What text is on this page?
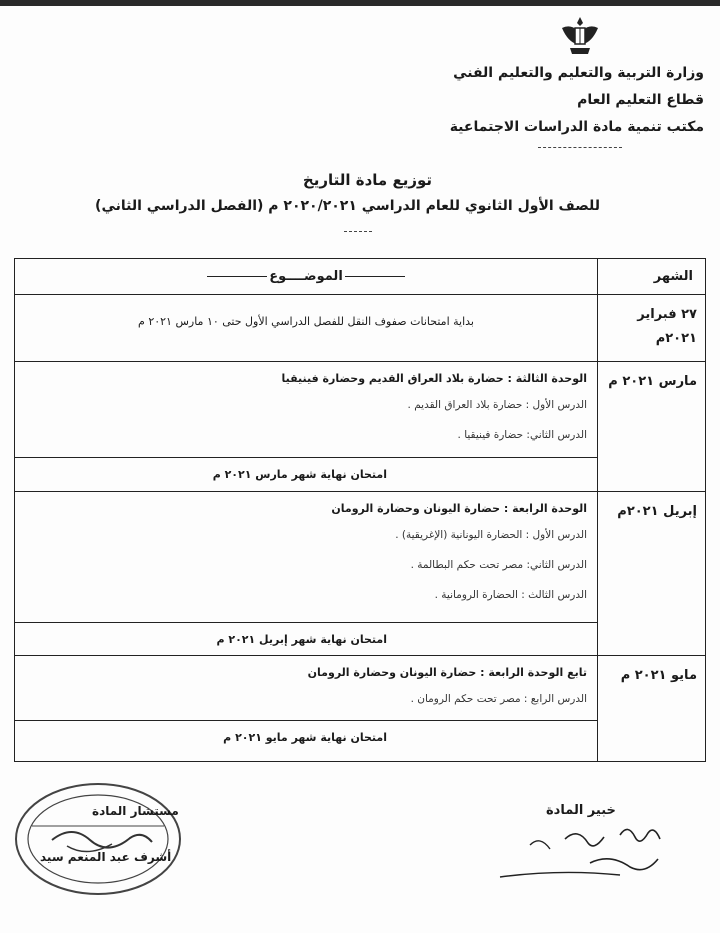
وزارة التربية والتعليم والتعليم الفني
قطاع التعليم العام
مكتب تنمية مادة الدراسات الاجتماعية
توزيع مادة التاريخ
للصف الأول الثانوي للعام الدراسي ٢٠٢٠/٢٠٢١ م (الفصل الدراسي الثاني)
الشهر	الموضــــوع
٢٧ فبراير ٢٠٢١م	بداية امتحانات صفوف النقل للفصل الدراسي الأول حتى ١٠ مارس ٢٠٢١ م

مارس ٢٠٢١ م	الوحدة الثالثة : حضارة بلاد العراق القديم وحضارة فينيقيا
الدرس الأول : حضارة بلاد العراق القديم .
الدرس الثاني: حضارة فينيقيا .

	امتحان نهاية شهر مارس ٢٠٢١ م

إبريل ٢٠٢١م	الوحدة الرابعة : حضارة اليونان وحضارة الرومان
الدرس الأول : الحضارة اليونانية (الإغريقية) .
الدرس الثاني: مصر تحت حكم البطالمة .
الدرس الثالث : الحضارة الرومانية .

	امتحان نهاية شهر إبريل ٢٠٢١ م

مايو ٢٠٢١ م	تابع الوحدة الرابعة : حضارة اليونان وحضارة الرومان
الدرس الرابع : مصر تحت حكم الرومان .

	امتحان نهاية شهر مايو ٢٠٢١ م
مستشار المادة
أشرف عبد المنعم سيد
خبير المادة
